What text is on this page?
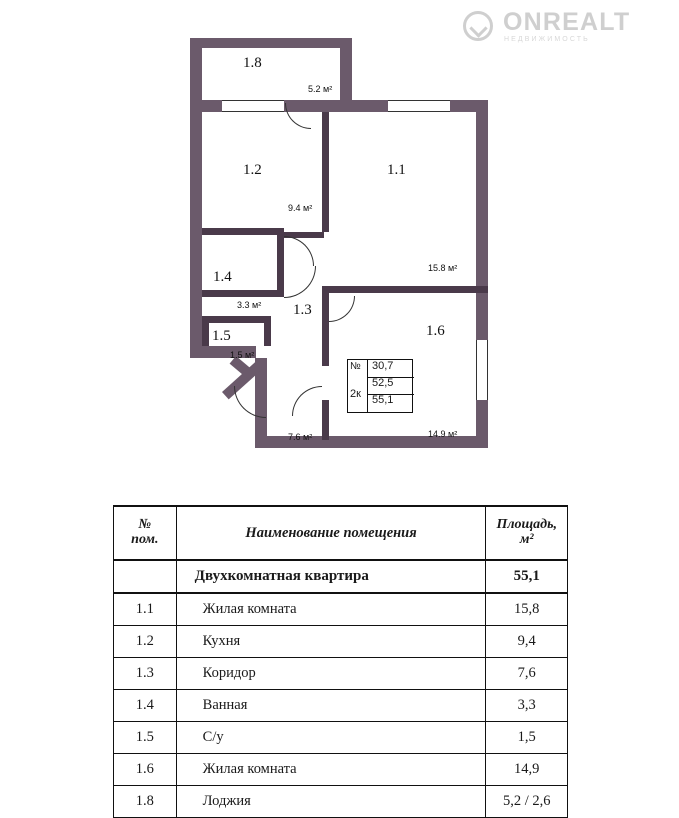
ONREALT
НЕДВИЖИМОСТЬ
1.8
1.2	1.1
1.4
1.3
1.5	1.6
5.2 м²
9.4 м²
15.8 м²
3.3 м²
7.6 м²
1.5 м²
14.9 м²
№
2к
30,7
52,5
55,1
№
пом.	Наименование помещения	Площадь,
м²

	Двухкомнатная квартира	55,1
1.1	Жилая комната	15,8
1.2	Кухня	9,4
1.3	Коридор	7,6
1.4	Ванная	3,3
1.5	С/у	1,5
1.6	Жилая комната	14,9
1.8	Лоджия	5,2 / 2,6
